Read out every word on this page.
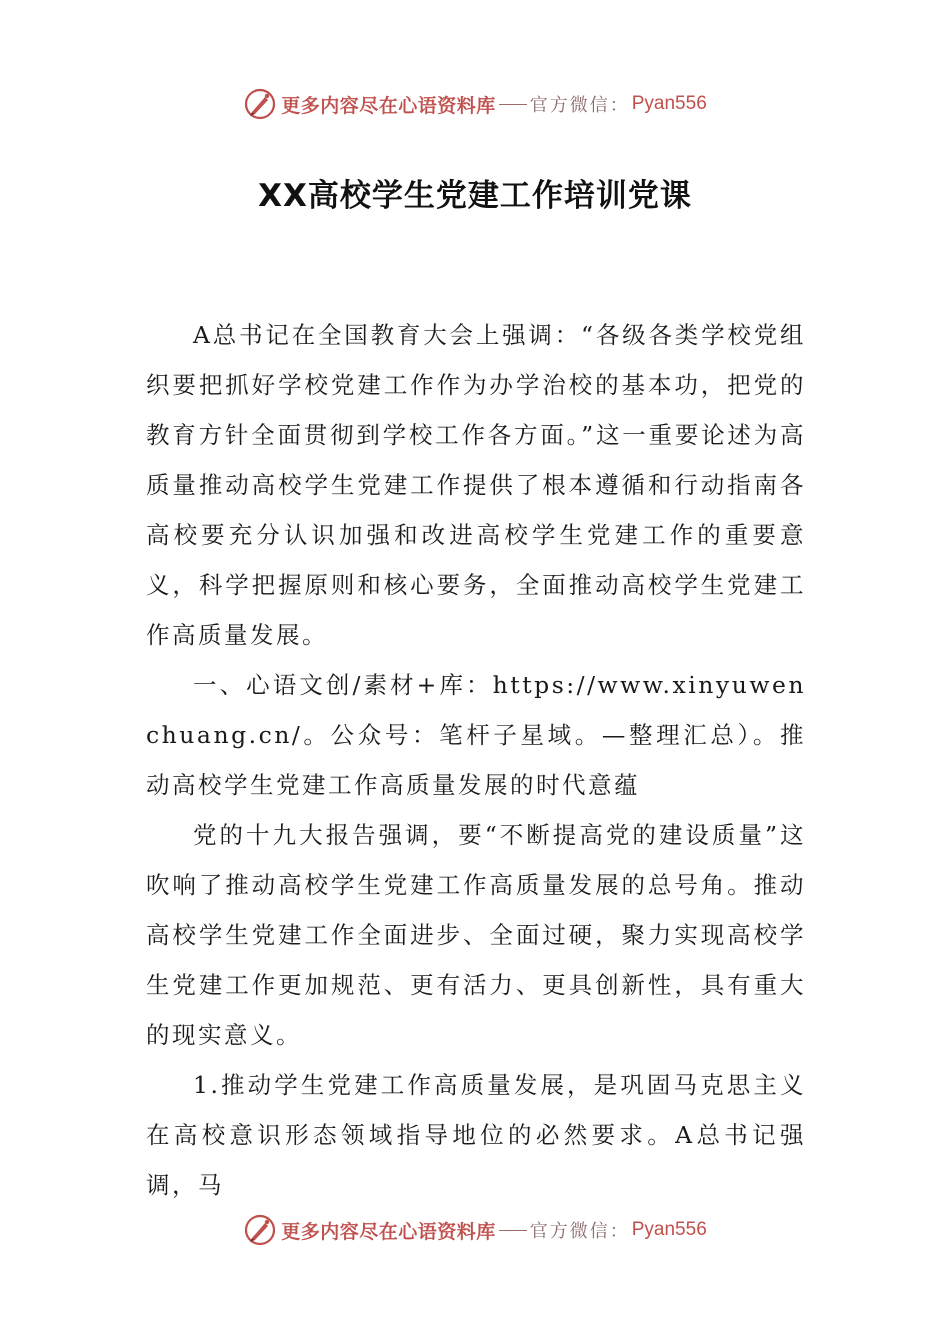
更多内容尽在心语资料库 官方微信： Pyan556
XX高校学生党建工作培训党课

A总书记在全国教育大会上强调：“各级各类学校党组织要把抓好学校党建工作作为办学治校的基本功，把党的教育方针全面贯彻到学校工作各方面。”这一重要论述为高质量推动高校学生党建工作提供了根本遵循和行动指南各高校要充分认识加强和改进高校学生党建工作的重要意义，科学把握原则和核心要务，全面推动高校学生党建工作高质量发展。

一、心语文创/素材+库：https://www.xinyuwenchuang.cn/。公众号：笔杆子星域。—整理汇总）。推动高校学生党建工作高质量发展的时代意蕴

党的十九大报告强调，要“不断提高党的建设质量”这吹响了推动高校学生党建工作高质量发展的总号角。推动高校学生党建工作全面进步、全面过硬，聚力实现高校学生党建工作更加规范、更有活力、更具创新性，具有重大的现实意义。

1.推动学生党建工作高质量发展，是巩固马克思主义在高校意识形态领域指导地位的必然要求。A总书记强调，马

更多内容尽在心语资料库 官方微信： Pyan556
